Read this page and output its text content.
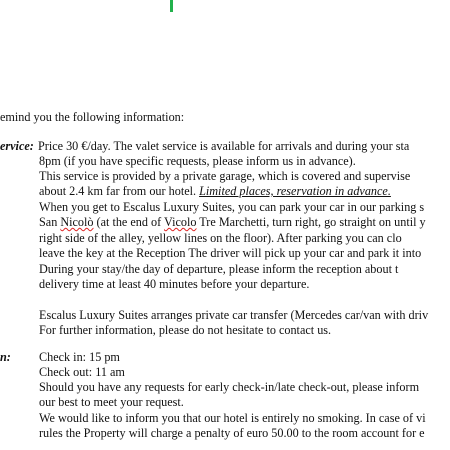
emind you the following information:
ervice: Price 30 €/day. The valet service is available for arrivals and during your sta
8pm (if you have specific requests, please inform us in advance).
This service is provided by a private garage, which is covered and supervise
about 2.4 km far from our hotel. Limited places, reservation in advance.
When you get to Escalus Luxury Suites, you can park your car in our parking s
San Nicolò (at the end of Vicolo Tre Marchetti, turn right, go straight on until y
right side of the alley, yellow lines on the floor). After parking you can clo
leave the key at the Reception The driver will pick up your car and park it into
During your stay/the day of departure, please inform the reception about t
delivery time at least 40 minutes before your departure.
Escalus Luxury Suites arranges private car transfer (Mercedes car/van with driv
For further information, please do not hesitate to contact us.
n: Check in: 15 pm
Check out: 11 am
Should you have any requests for early check-in/late check-out, please inform
our best to meet your request.
We would like to inform you that our hotel is entirely no smoking. In case of vi
rules the Property will charge a penalty of euro 50.00 to the room account for e
